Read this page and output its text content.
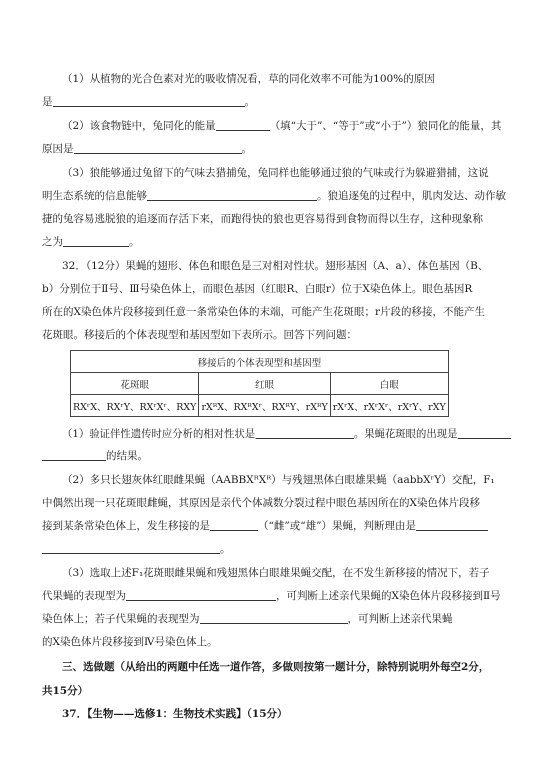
（1）从植物的光合色素对光的吸收情况看，草的同化效率不可能为100%的原因
是	。
（2）该食物链中，兔同化的能量	（填“大于”、“等于”或“小于”）狼同化的能量，其
原因是	。
（3）狼能够通过兔留下的气味去猎捕兔，兔同样也能够通过狼的气味或行为躲避猎捕，这说
明生态系统的信息能够	。狼追逐兔的过程中，肌肉发达、动作敏
捷的兔容易逃脱狼的追逐而存活下来，而跑得快的狼也更容易得到食物而得以生存，这种现象称
之为	。
32．（12分）果蝇的翅形、体色和眼色是三对相对性状。翅形基因（A、a）、体色基因（B、
b）分别位于Ⅱ号、Ⅲ号染色体上，而眼色基因（红眼R、白眼r）位于X染色体上。眼色基因R
所在的X染色体片段移接到任意一条常染色体的末端，可能产生花斑眼；r片段的移接，不能产生
花斑眼。移接后的个体表现型和基因型如下表所示。回答下列问题：
移接后的个体表现型和基因型		
花斑眼	红眼	白眼
RXʳX、RXʳY、RXʳXʳ、RXY	rXᴿX、RXᴿXʳ、RXᴿY、rXᴿY	rXʳX、rXʳXʳ、rXʳY、rXY
（1）验证伴性遗传时应分析的相对性状是	。果蝇花斑眼的出现是
的结果。
（2）多只长翅灰体红眼雌果蝇（AABBXᴿXᴿ）与残翅黑体白眼雄果蝇（aabbXʳY）交配，F₁
中偶然出现一只花斑眼雌蝇，其原因是亲代个体减数分裂过程中眼色基因所在的X染色体片段移
接到某条常染色体上，发生移接的是	（“雌”或“雄”）果蝇，判断理由是
。
（3）选取上述F₁花斑眼雌果蝇和残翅黑体白眼雄果蝇交配，在不发生新移接的情况下，若子
代果蝇的表现型为	，可判断上述亲代果蝇的X染色体片段移接到Ⅱ号
染色体上；若子代果蝇的表现型为	，可判断上述亲代果蝇
的X染色体片段移接到Ⅳ号染色体上。
三、选做题（从给出的两题中任选一道作答，多做则按第一题计分，除特别说明外每空2分，
共15分）
37．【生物——选修1：生物技术实践】（15分）
